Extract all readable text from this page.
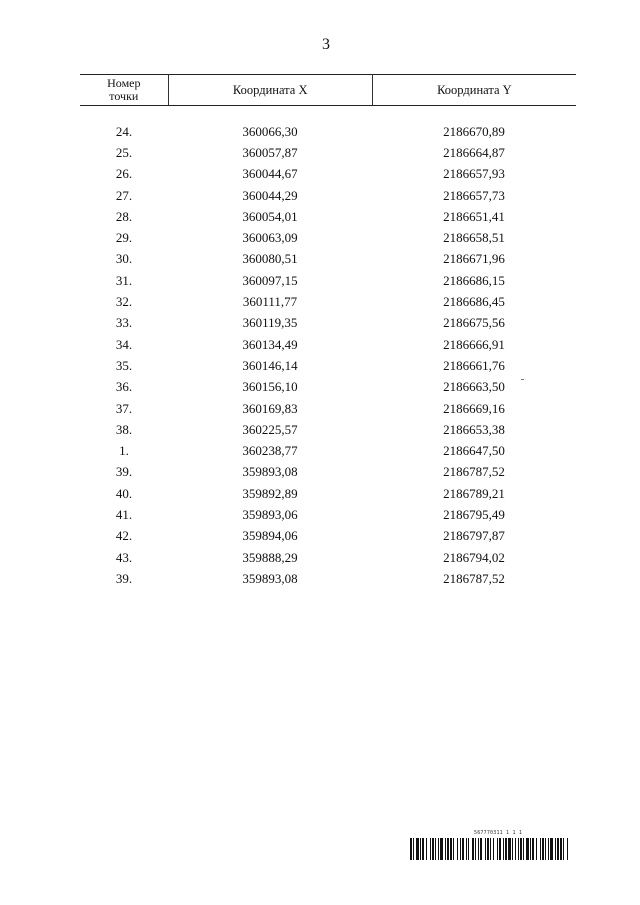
3
Номер
точки	Координата X	Координата Y
24.	360066,30	2186670,89
25.	360057,87	2186664,87
26.	360044,67	2186657,93
27.	360044,29	2186657,73
28.	360054,01	2186651,41
29.	360063,09	2186658,51
30.	360080,51	2186671,96
31.	360097,15	2186686,15
32.	360111,77	2186686,45
33.	360119,35	2186675,56
34.	360134,49	2186666,91
35.	360146,14	2186661,76
36.	360156,10	2186663,50
37.	360169,83	2186669,16
38.	360225,57	2186653,38
1.	360238,77	2186647,50
39.	359893,08	2186787,52
40.	359892,89	2186789,21
41.	359893,06	2186795,49
42.	359894,06	2186797,87
43.	359888,29	2186794,02
39.	359893,08	2186787,52
567770311 1 1 1
